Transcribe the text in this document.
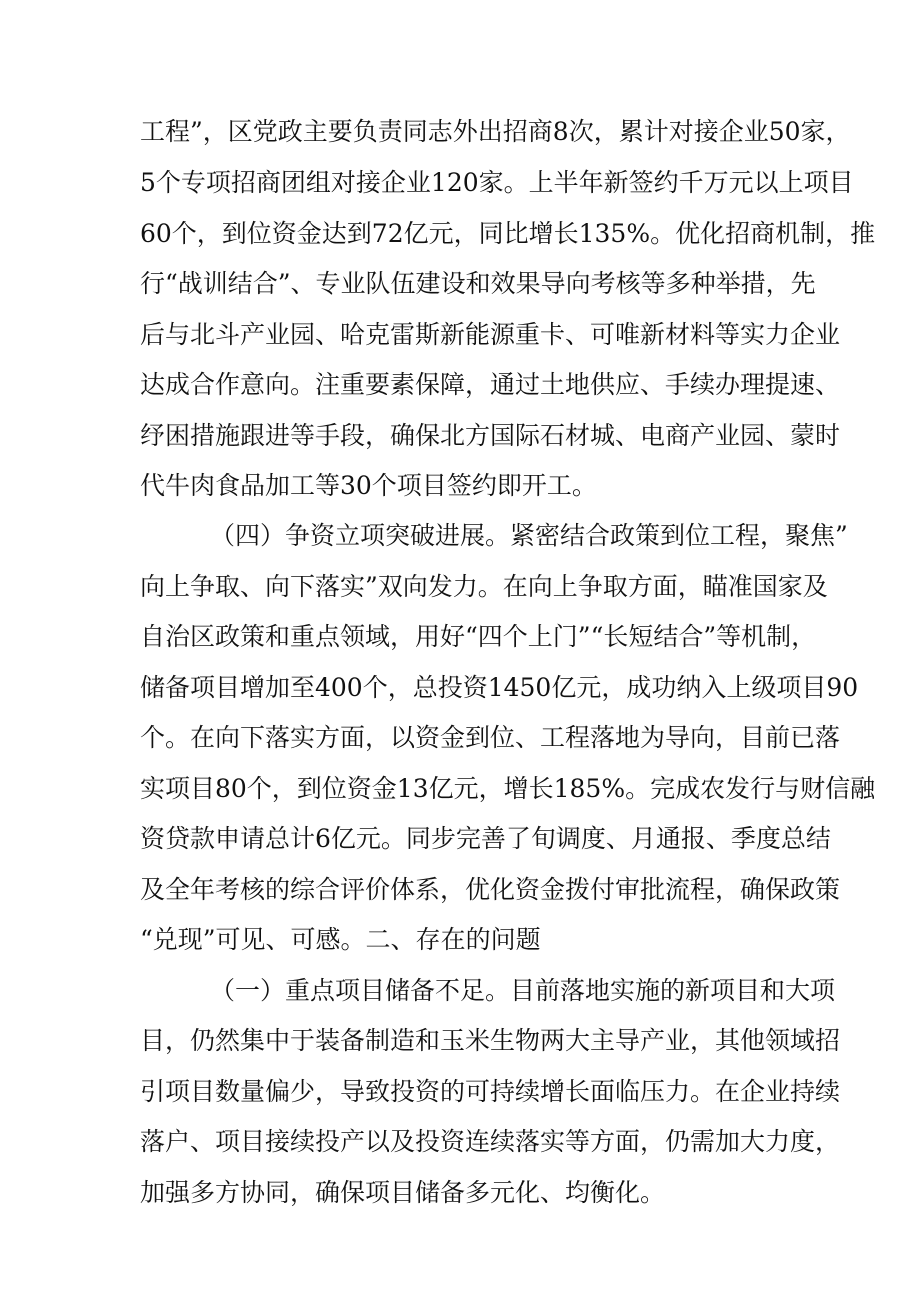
工程”，区党政主要负责同志外出招商8次，累计对接企业50家，
5个专项招商团组对接企业120家。上半年新签约千万元以上项目
60个，到位资金达到72亿元，同比增长135%。优化招商机制，推
行“战训结合”、专业队伍建设和效果导向考核等多种举措，先
后与北斗产业园、哈克雷斯新能源重卡、可唯新材料等实力企业
达成合作意向。注重要素保障，通过土地供应、手续办理提速、
纾困措施跟进等手段，确保北方国际石材城、电商产业园、蒙时
代牛肉食品加工等30个项目签约即开工。
（四）争资立项突破进展。紧密结合政策到位工程，聚焦”
向上争取、向下落实”双向发力。在向上争取方面，瞄准国家及
自治区政策和重点领域，用好“四个上门”“长短结合”等机制，
储备项目增加至400个，总投资1450亿元，成功纳入上级项目90
个。在向下落实方面，以资金到位、工程落地为导向，目前已落
实项目80个，到位资金13亿元，增长185%。完成农发行与财信融
资贷款申请总计6亿元。同步完善了旬调度、月通报、季度总结
及全年考核的综合评价体系，优化资金拨付审批流程，确保政策
“兑现”可见、可感。二、存在的问题
（一）重点项目储备不足。目前落地实施的新项目和大项
目，仍然集中于装备制造和玉米生物两大主导产业，其他领域招
引项目数量偏少，导致投资的可持续增长面临压力。在企业持续
落户、项目接续投产以及投资连续落实等方面，仍需加大力度，
加强多方协同，确保项目储备多元化、均衡化。
